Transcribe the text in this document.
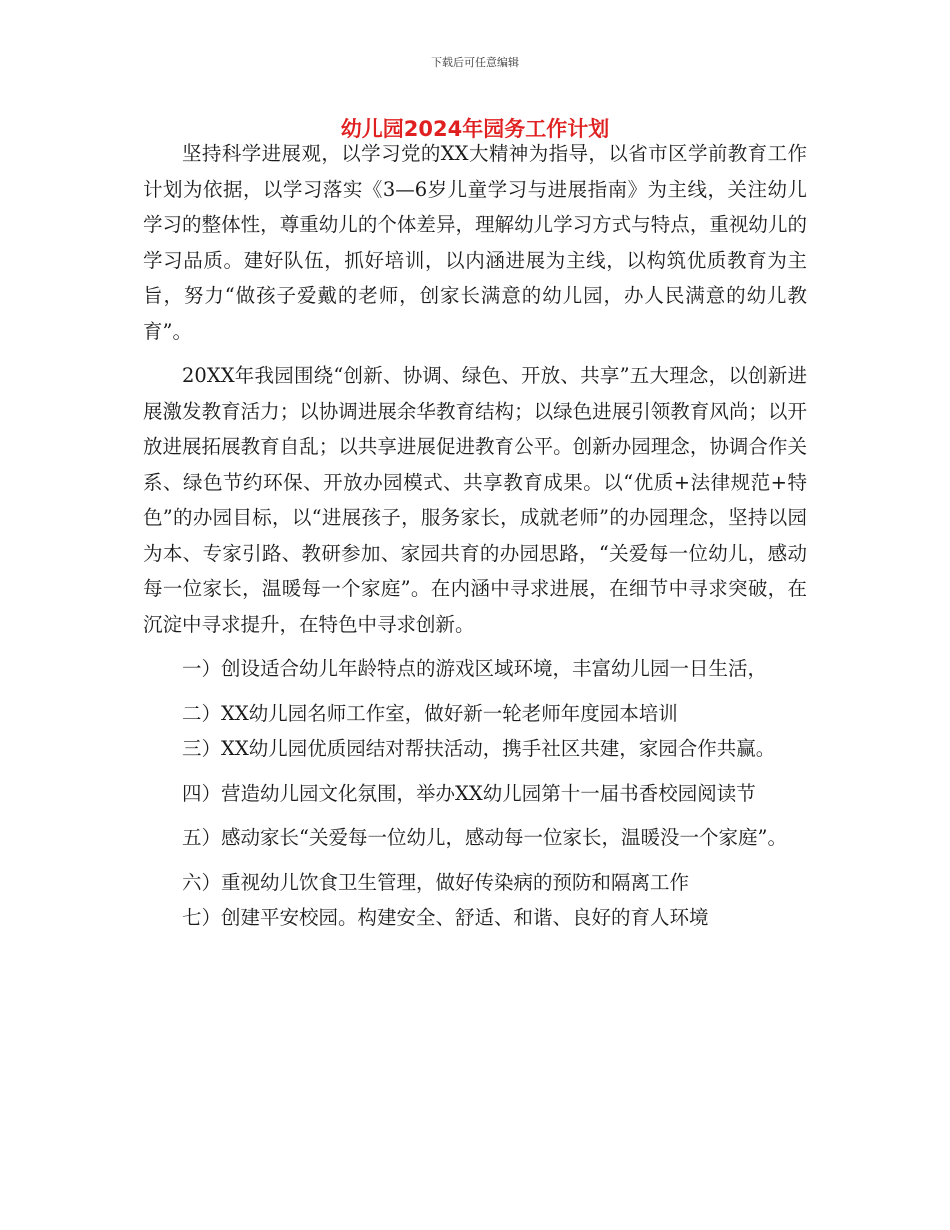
下载后可任意编辑
幼儿园2024年园务工作计划

坚持科学进展观，以学习党的XX大精神为指导，以省市区学前教育工作计划为依据，以学习落实《3—6岁儿童学习与进展指南》为主线，关注幼儿学习的整体性，尊重幼儿的个体差异，理解幼儿学习方式与特点，重视幼儿的学习品质。建好队伍，抓好培训，以内涵进展为主线，以构筑优质教育为主旨，努力“做孩子爱戴的老师，创家长满意的幼儿园，办人民满意的幼儿教育”。

20XX年我园围绕“创新、协调、绿色、开放、共享”五大理念，以创新进展激发教育活力；以协调进展余华教育结构；以绿色进展引领教育风尚；以开放进展拓展教育自乱；以共享进展促进教育公平。创新办园理念，协调合作关系、绿色节约环保、开放办园模式、共享教育成果。以“优质+法律规范+特色”的办园目标，以“进展孩子，服务家长，成就老师”的办园理念，坚持以园为本、专家引路、教研参加、家园共育的办园思路，“关爱每一位幼儿，感动每一位家长，温暖每一个家庭”。在内涵中寻求进展，在细节中寻求突破，在沉淀中寻求提升，在特色中寻求创新。

一）创设适合幼儿年龄特点的游戏区域环境，丰富幼儿园一日生活，

二）XX幼儿园名师工作室，做好新一轮老师年度园本培训

三）XX幼儿园优质园结对帮扶活动，携手社区共建，家园合作共赢。

四）营造幼儿园文化氛围，举办XX幼儿园第十一届书香校园阅读节

五）感动家长“关爱每一位幼儿，感动每一位家长，温暖没一个家庭”。

六）重视幼儿饮食卫生管理，做好传染病的预防和隔离工作

七）创建平安校园。构建安全、舒适、和谐、良好的育人环境
